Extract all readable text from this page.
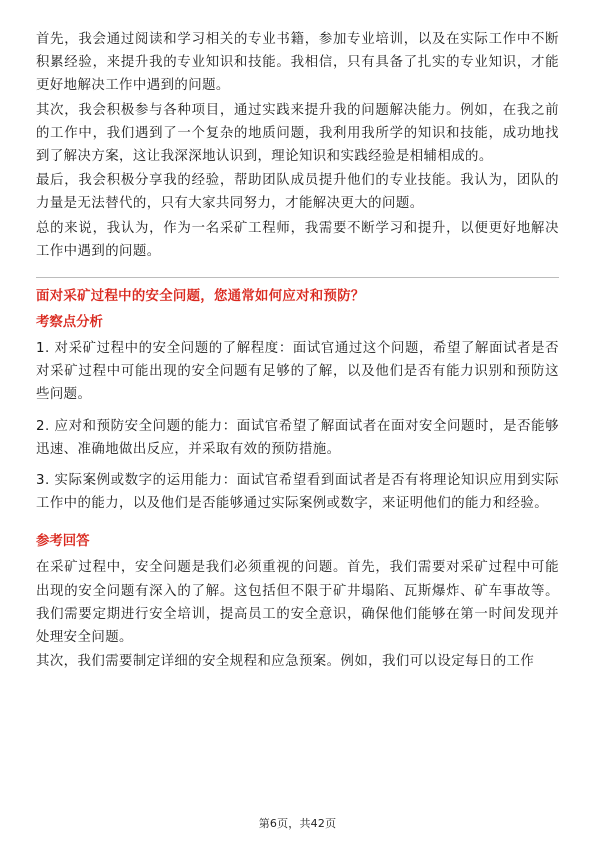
首先，我会通过阅读和学习相关的专业书籍，参加专业培训，以及在实际工作中不断积累经验，来提升我的专业知识和技能。我相信，只有具备了扎实的专业知识，才能更好地解决工作中遇到的问题。

其次，我会积极参与各种项目，通过实践来提升我的问题解决能力。例如，在我之前的工作中，我们遇到了一个复杂的地质问题，我利用我所学的知识和技能，成功地找到了解决方案，这让我深深地认识到，理论知识和实践经验是相辅相成的。

最后，我会积极分享我的经验，帮助团队成员提升他们的专业技能。我认为，团队的力量是无法替代的，只有大家共同努力，才能解决更大的问题。

总的来说，我认为，作为一名采矿工程师，我需要不断学习和提升，以便更好地解决工作中遇到的问题。

面对采矿过程中的安全问题，您通常如何应对和预防？
考察点分析

1. 对采矿过程中的安全问题的了解程度：面试官通过这个问题，希望了解面试者是否对采矿过程中可能出现的安全问题有足够的了解，以及他们是否有能力识别和预防这些问题。

2. 应对和预防安全问题的能力：面试官希望了解面试者在面对安全问题时，是否能够迅速、准确地做出反应，并采取有效的预防措施。

3. 实际案例或数字的运用能力：面试官希望看到面试者是否有将理论知识应用到实际工作中的能力，以及他们是否能够通过实际案例或数字，来证明他们的能力和经验。

参考回答

在采矿过程中，安全问题是我们必须重视的问题。首先，我们需要对采矿过程中可能出现的安全问题有深入的了解。这包括但不限于矿井塌陷、瓦斯爆炸、矿车事故等。我们需要定期进行安全培训，提高员工的安全意识，确保他们能够在第一时间发现并处理安全问题。

其次，我们需要制定详细的安全规程和应急预案。例如，我们可以设定每日的工作

第6页，共42页
